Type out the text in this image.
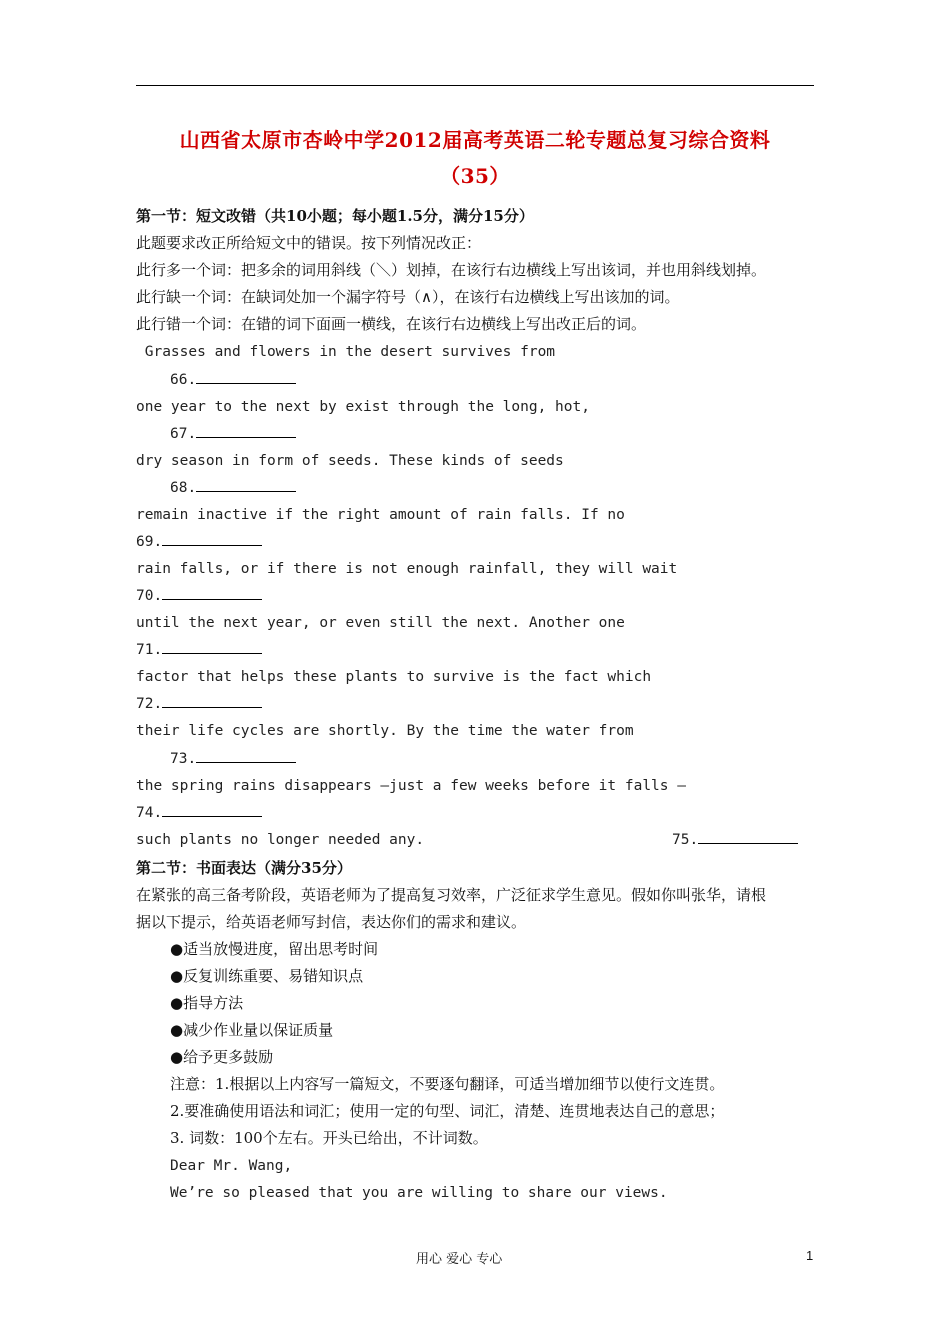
山西省太原市杏岭中学2012届高考英语二轮专题总复习综合资料
（35）
第一节：短文改错（共10小题；每小题1.5分，满分15分）
此题要求改正所给短文中的错误。按下列情况改正：
此行多一个词：把多余的词用斜线（＼）划掉，在该行右边横线上写出该词，并也用斜线划掉。
此行缺一个词：在缺词处加一个漏字符号（∧），在该行右边横线上写出该加的词。
此行错一个词：在错的词下面画一横线，在该行右边横线上写出改正后的词。
Grasses and flowers in the desert survives from
66.
one year to the next by exist through the long, hot,
67.
dry season in form of seeds. These kinds of seeds
68.
remain inactive if the right amount of rain falls. If no
69.
rain falls, or if there is not enough rainfall, they will wait
70.
until the next year, or even still the next. Another one
71.
factor that helps these plants to survive is the fact which
72.
their life cycles are shortly. By the time the water from
73.
the spring rains disappears —just a few weeks before it falls —
74.
such plants no longer needed any.	75.
第二节：书面表达（满分35分）
在紧张的高三备考阶段，英语老师为了提高复习效率，广泛征求学生意见。假如你叫张华，请根
据以下提示，给英语老师写封信，表达你们的需求和建议。
●适当放慢进度，留出思考时间
●反复训练重要、易错知识点
●指导方法
●减少作业量以保证质量
●给予更多鼓励
注意：1.根据以上内容写一篇短文，不要逐句翻译，可适当增加细节以使行文连贯。
2.要准确使用语法和词汇；使用一定的句型、词汇，清楚、连贯地表达自己的意思；
3. 词数：100个左右。开头已给出，不计词数。
Dear Mr. Wang,
We’re so pleased that you are willing to share our views.
用心 爱心 专心	1
